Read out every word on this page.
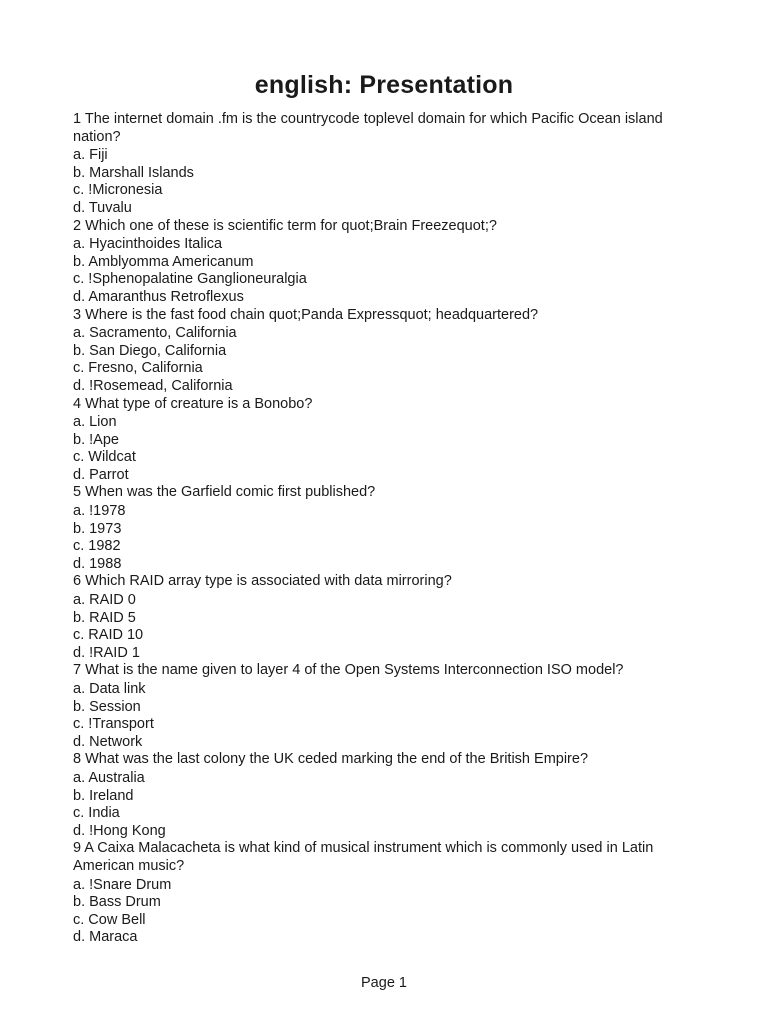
english: Presentation
1 The internet domain .fm is the countrycode toplevel domain for which Pacific Ocean island nation?
a. Fiji
b. Marshall Islands
c. !Micronesia
d. Tuvalu
2 Which one of these is scientific term for quot;Brain Freezequot;?
a. Hyacinthoides Italica
b. Amblyomma Americanum
c. !Sphenopalatine Ganglioneuralgia
d. Amaranthus Retroflexus
3 Where is the fast food chain quot;Panda Expressquot; headquartered?
a. Sacramento, California
b. San Diego, California
c. Fresno, California
d. !Rosemead, California
4 What type of creature is a Bonobo?
a. Lion
b. !Ape
c. Wildcat
d. Parrot
5 When was the Garfield comic first published?
a. !1978
b. 1973
c. 1982
d. 1988
6 Which RAID array type is associated with data mirroring?
a. RAID 0
b. RAID 5
c. RAID 10
d. !RAID 1
7 What is the name given to layer 4 of the Open Systems Interconnection ISO model?
a. Data link
b. Session
c. !Transport
d. Network
8 What was the last colony the UK ceded marking the end of the British Empire?
a. Australia
b. Ireland
c. India
d. !Hong Kong
9 A Caixa Malacacheta is what kind of musical instrument which is commonly used in Latin American music?
a. !Snare Drum
b. Bass Drum
c. Cow Bell
d. Maraca
Page 1
